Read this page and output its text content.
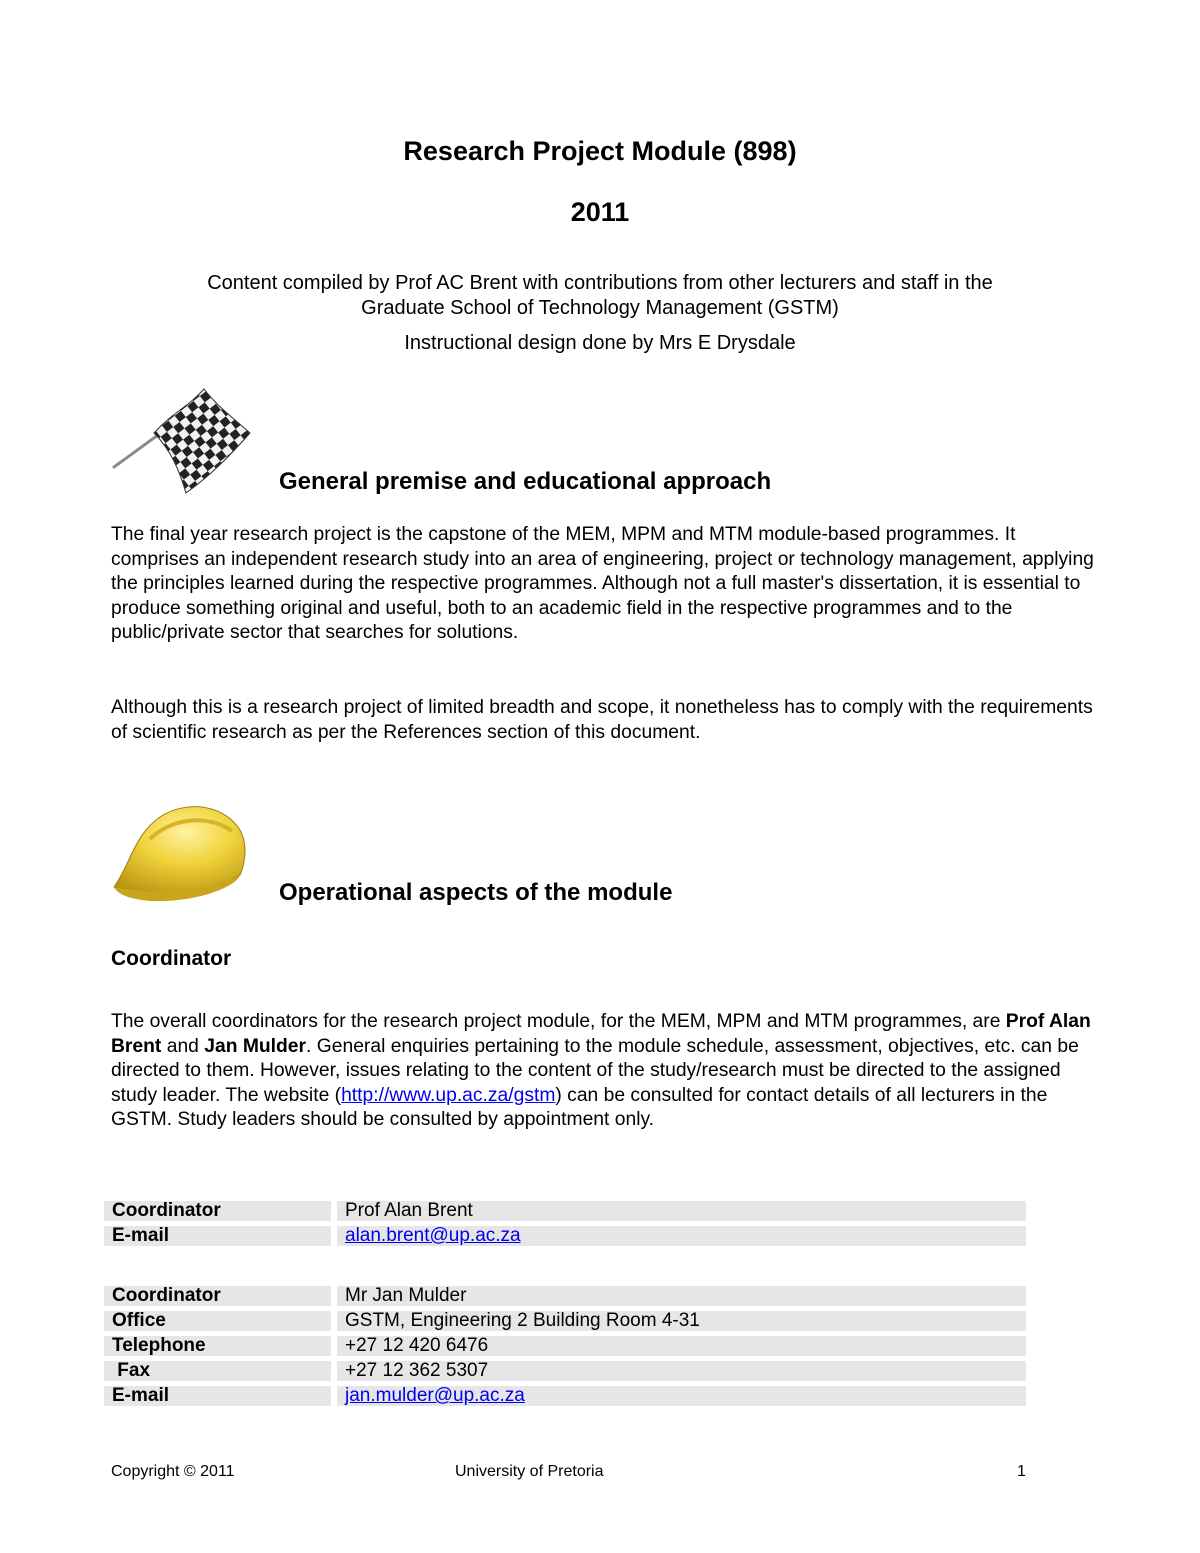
Research Project Module (898)
2011
Content compiled by Prof AC Brent with contributions from other lecturers and staff in the
Graduate School of Technology Management (GSTM)
Instructional design done by Mrs E Drysdale
General premise and educational approach
The final year research project is the capstone of the MEM, MPM and MTM module-based programmes. It comprises an independent research study into an area of engineering, project or technology management, applying the principles learned during the respective programmes. Although not a full master's dissertation, it is essential to produce something original and useful, both to an academic field in the respective programmes and to the public/private sector that searches for solutions.
Although this is a research project of limited breadth and scope, it nonetheless has to comply with the requirements of scientific research as per the References section of this document.
Operational aspects of the module
Coordinator
The overall coordinators for the research project module, for the MEM, MPM and MTM programmes, are Prof Alan Brent and Jan Mulder. General enquiries pertaining to the module schedule, assessment, objectives, etc. can be directed to them. However, issues relating to the content of the study/research must be directed to the assigned study leader. The website (http://www.up.ac.za/gstm) can be consulted for contact details of all lecturers in the GSTM. Study leaders should be consulted by appointment only.
Coordinator		Prof Alan Brent
E-mail		alan.brent@up.ac.za
Coordinator		Mr Jan Mulder
Office		GSTM, Engineering 2 Building Room 4-31
Telephone		+27 12 420 6476
Fax		+27 12 362 5307
E-mail		jan.mulder@up.ac.za
Copyright © 2011	University of Pretoria	1
